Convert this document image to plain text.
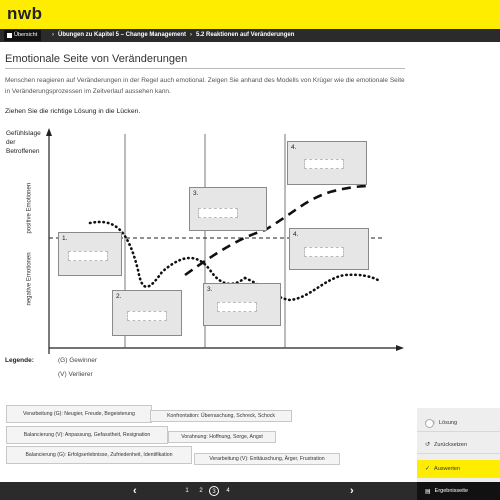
nwb
Übersicht › Übungen zu Kapitel 5 – Change Management › 5.2 Reaktionen auf Veränderungen
Emotionale Seite von Veränderungen
Menschen reagieren auf Veränderungen in der Regel auch emotional. Zeigen Sie anhand des Modells von Krüger wie die emotionale Seite in Veränderungsprozessen im Zeitverlauf aussehen kann.
Ziehen Sie die richtige Lösung in die Lücken.
Gefühlslage der Betroffenen
positive Emotionen
negative Emotionen
1.
2.
3.
3.
4.
4.
Legende:	(G) Gewinner
(V) Verlierer
Verarbeitung (G): Neugier, Freude, Begeisterung	Konfrontation: Überraschung, Schreck, Schock
Balancierung (V): Anpassung, Gefasstheit, Resignation	Vorahnung: Hoffnung, Sorge, Angst
Balancierung (G): Erfolgserlebnisse, Zufriedenheit, Identifikation
Verarbeitung (V): Enttäuschung, Ärger, Frustration
Lösung
↺ Zurücksetzen
✓ Auswerten
‹	1	2	3	4	›	▤ Ergebnisseite
